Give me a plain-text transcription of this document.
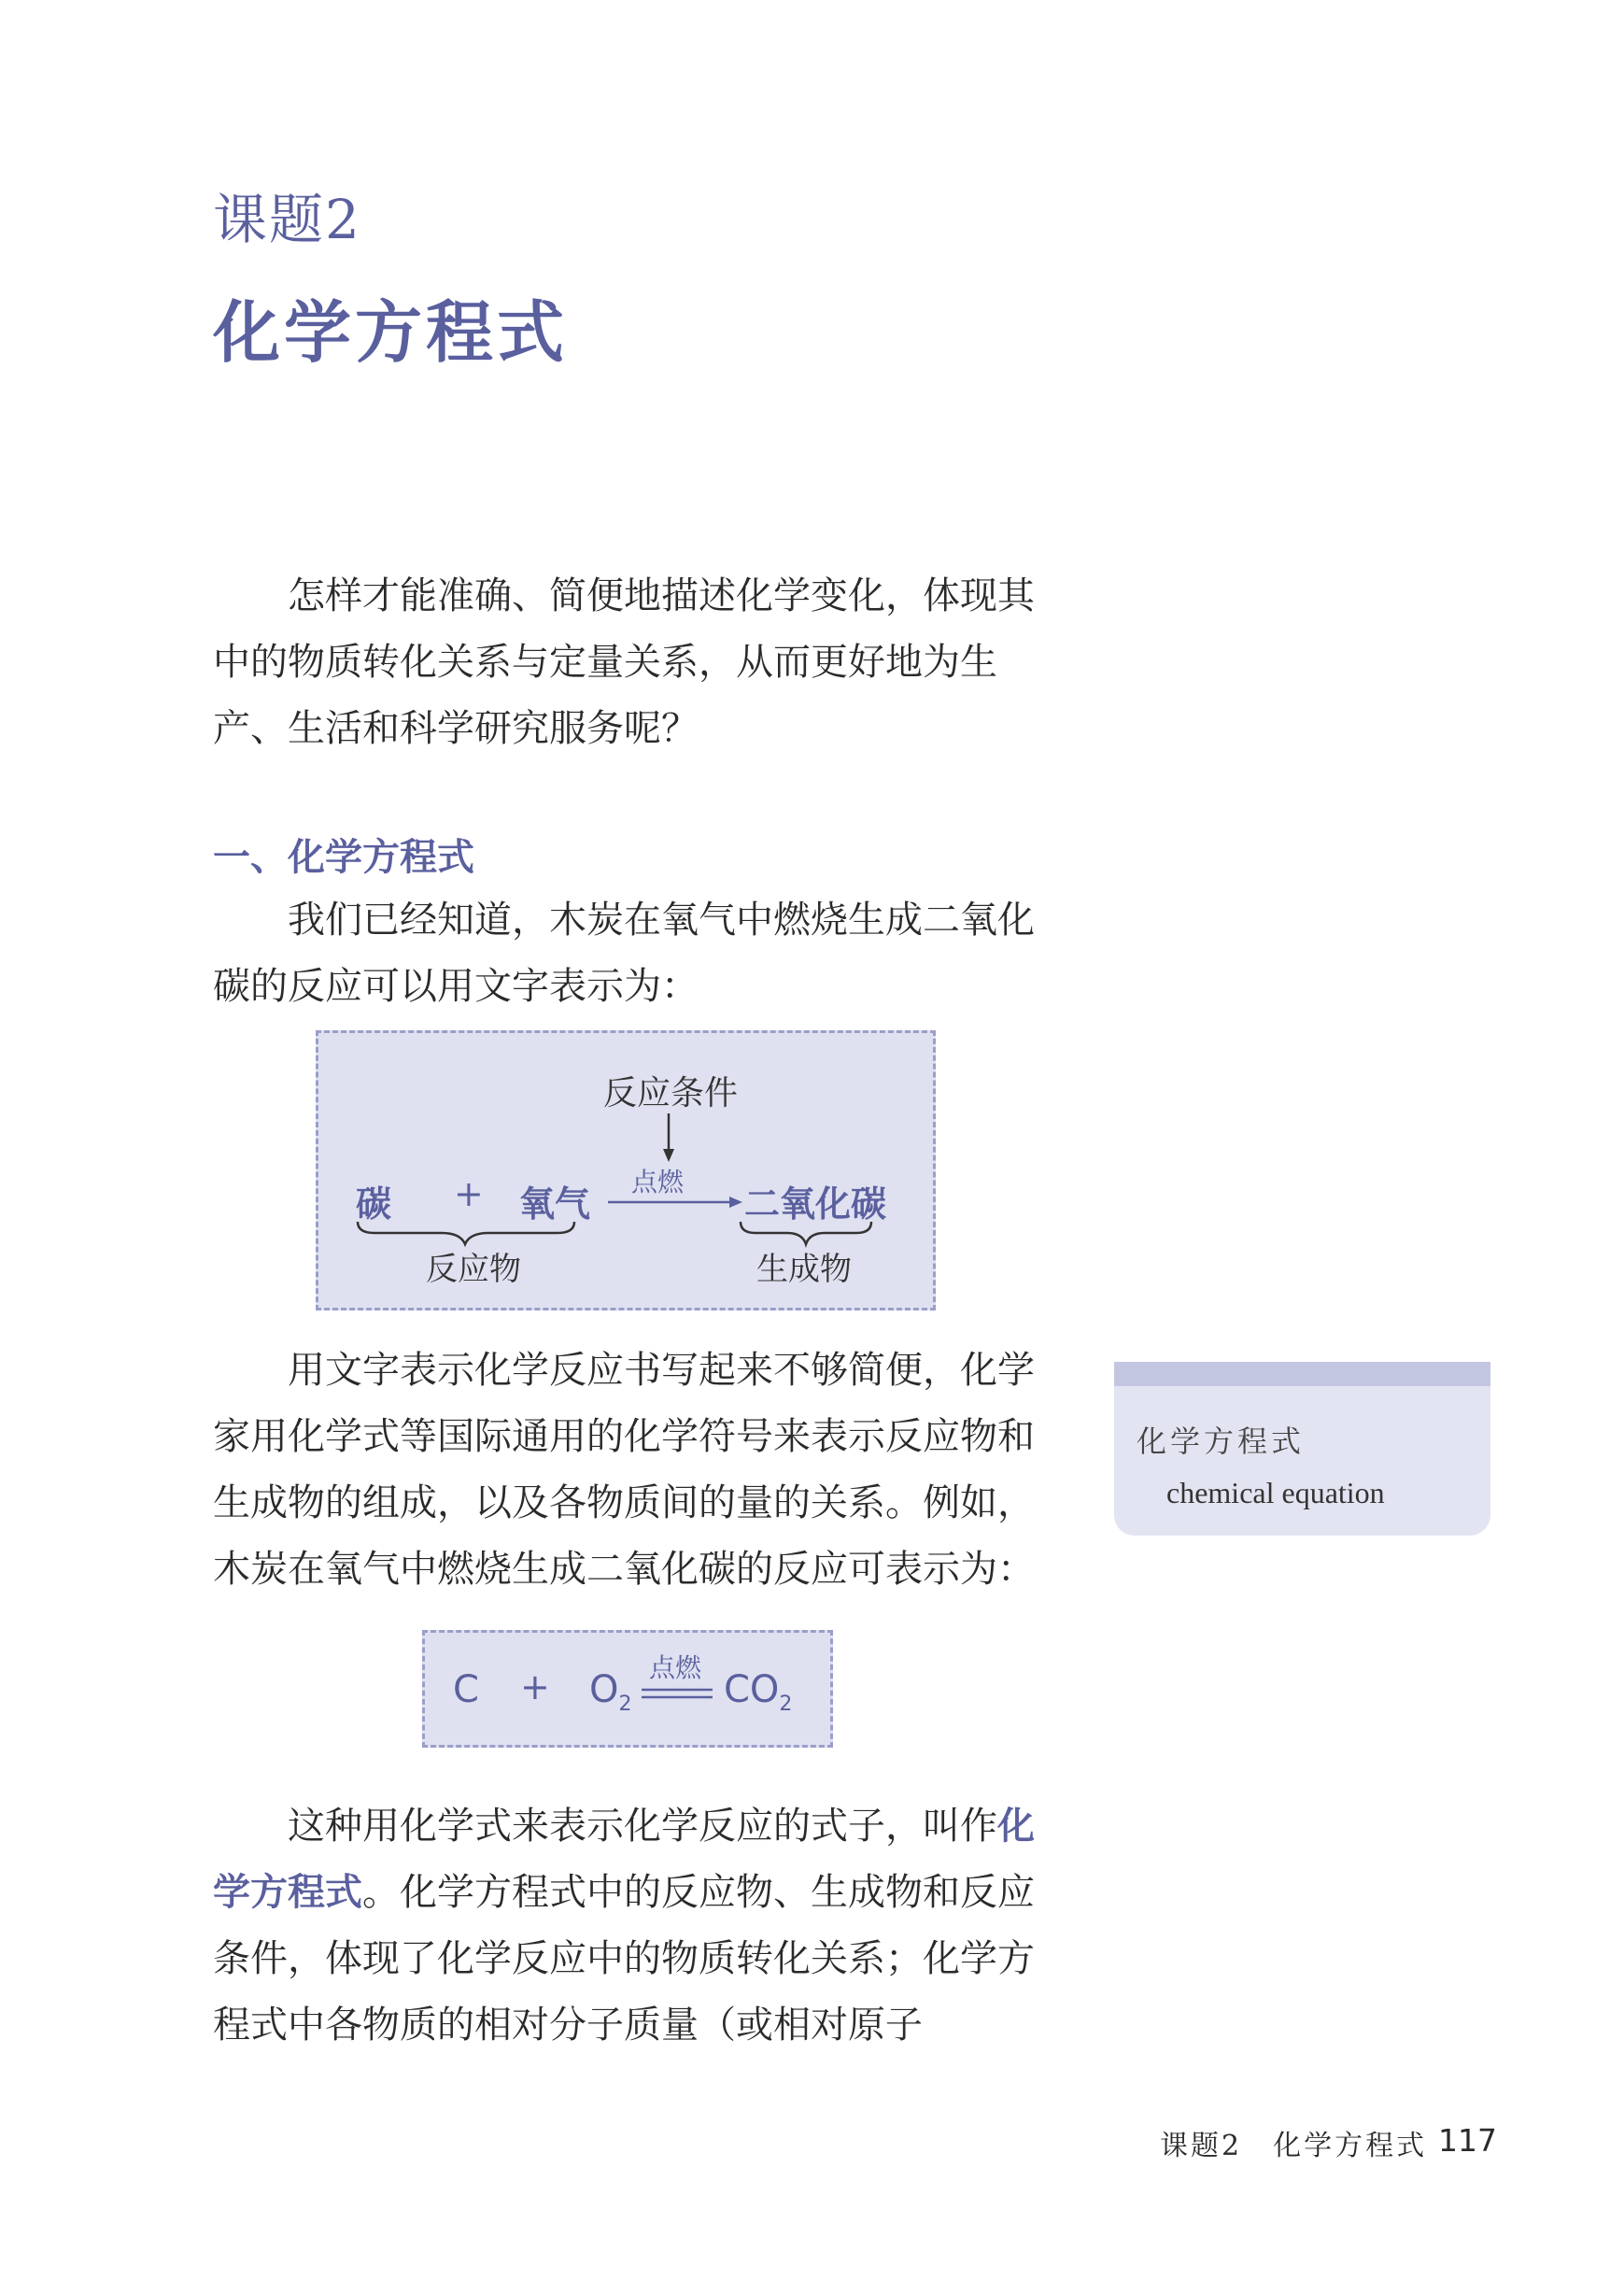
课题2
化学方程式

怎样才能准确、简便地描述化学变化，体现其中的物质转化关系与定量关系，从而更好地为生产、生活和科学研究服务呢？

一、化学方程式

我们已经知道，木炭在氧气中燃烧生成二氧化碳的反应可以用文字表示为：

反应条件
碳 + 氧气
点燃
二氧化碳
反应物	生成物

用文字表示化学反应书写起来不够简便，化学家用化学式等国际通用的化学符号来表示反应物和生成物的组成，以及各物质间的量的关系。例如，木炭在氧气中燃烧生成二氧化碳的反应可表示为：

$C + O_2$
点燃
$CO_2$

这种用化学式来表示化学反应的式子，叫作化学方程式。化学方程式中的反应物、生成物和反应条件，体现了化学反应中的物质转化关系；化学方程式中各物质的相对分子质量（或相对原子

化学方程式
chemical equation
课题2　化学方程式 117
